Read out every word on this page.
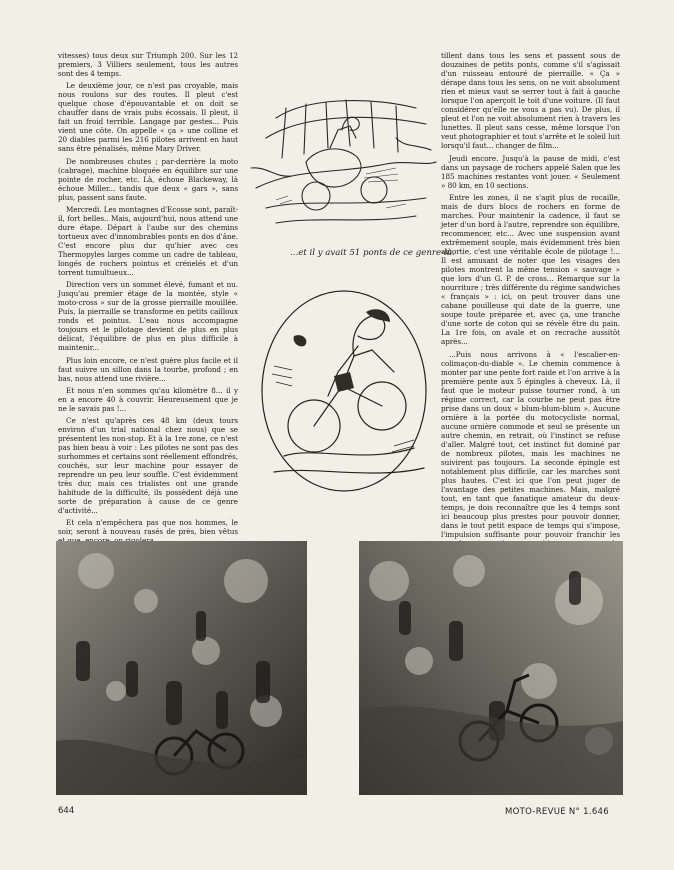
vitesses) tous deux sur Triumph 200. Sur les 12 premiers, 3 Villiers seulement, tous les autres sont des 4 temps.

Le deuxième jour, ce n'est pas croyable, mais nous roulons sur des routes. Il pleut c'est quelque chose d'épouvantable et on doit se chauffer dans de vrais pubs écossais. Il pleut, il fait un froid terrible. Langage par gestes... Puis vient une côte. On appelle « ça » une colline et 20 diables parmi les 216 pilotes arrivent en haut sans être pénalisés, même Mary Driver.

De nombreuses chutes ; par-derrière la moto (cabrage), machine bloquée en équilibre sur une pointe de rocher, etc. Là, échoue Blackeway, là échoue Miller... tandis que deux « gars », sans plus, passent sans faute.

Mercredi. Les montagnes d'Ecosse sont, paraît-il, fort belles.. Mais, aujourd'hui, nous attend une dure étape. Départ à l'aube sur des chemins tortueux avec d'innombrables ponts en dos d'âne. C'est encore plus dur qu'hier avec ces Thermopyles larges comme un cadre de tableau, longés de rochers pointus et crénelés et d'un torrent tumultueux...

Direction vers un sommet élevé, fumant et nu. Jusqu'au premier étage de la montée, style « moto-cross » sur de la grosse pierraille mouillée. Puis, la pierraille se transforme en petits cailloux ronds et pointus. L'eau nous accompagne toujours et le pilotage devient de plus en plus délicat, l'équilibre de plus en plus difficile à maintenir...

Plus loin encore, ce n'est guère plus facile et il faut suivre un sillon dans la tourbe, profond ; en bas, nous attend une rivière...

Et nous n'en sommes qu'au kilomètre 8... il y en a encore 40 à couvrir. Heureusement que je ne le savais pas !...

Ce n'est qu'après ces 48 km (deux tours environ d'un trial national chez nous) que se présentent les non-stop. Et à la 1re zone, ce n'est pas bien beau à voir : Les pilotes ne sont pas des surhommes et certains sont réellement effondrés, couchés, sur leur machine pour essayer de reprendre un peu leur souffle. C'est évidemment très dur, mais ces trialistes ont une grande habitude de la difficulté, ils possèdent déjà une sorte de préparation à cause de ce genre d'activité...

Et cela n'empêchera pas que nos hommes, le soir, seront à nouveau rasés de près, bien vêtus

...et il y avait 51 ponts de ce genre-là.

tillent dans tous les sens et passent sous de douzaines de petits ponts, comme s'il s'agissait d'un ruisseau entouré de pierraille. « Ça » dérape dans tous les sens, on ne voit absolument rien et mieux vaut se serrer tout à fait à gauche lorsque l'on aperçoit le toit d'une voiture. (Il faut considérer qu'elle ne vous a pas vu). De plus, il pleut et l'on ne voit absolument rien à travers les lunettes. Il pleut sans cesse, même lorsque l'on veut photographier et tout s'arrête et le soleil luit lorsqu'il faut... changer de film...

Jeudi encore. Jusqu'à la pause de midi, c'est dans un paysage de rochers appelé Salen que les 185 machines restantes vont jouer. « Seulement » 80 km, en 10 sections.

Entre les zones, il ne s'agit plus de rocaille, mais de durs blocs de rochers en forme de marches. Pour maintenir la cadence, il faut se jeter d'un bord à l'autre, reprendre son équilibre, recommencer, etc... Avec une suspension avant extrêmement souple, mais évidemment très bien amortie, c'est une véritable école de pilotage !... Il est amusant de noter que les visages des pilotes montrent la même tension « sauvage » que lors d'un G. P. de cross... Remarque sur la nourriture ; très différente du régime sandwiches « français » : ici, on peut trouver dans une cabane pouilleuse qui date de la guerre, une soupe toute préparée et, avec ça, une tranche d'une sorte de coton qui se révèle être du pain. La 1re fois, on avale et on recrache aussitôt après...

...Puis nous arrivons à « l'escalier-en-colimaçon-du-diable ». Le chemin commence à monter par une pente fort raide et l'on arrive à la première pente aux 5 épingles à cheveux. Là, il faut que le moteur puisse tourner rond, à un régime correct, car la courbe ne peut pas être prise dans un doux « blum-blum-blum ». Aucune ornière à la portée du motocycliste normal, aucune ornière commode et seul se présente un autre chemin, en retrait, où l'instinct se refuse d'aller. Malgré tout, cet instinct fut dominé par de nombreux pilotes, mais les machines ne suivirent pas toujours. La seconde épingle est notablement plus difficile, car les marches sont plus hautes. C'est ici que l'on peut juger de l'avantage des petites machines. Mais, malgré tout, en tant que fanatique amateur du deux-temps, je dois reconnaître que les 4 temps sont ici beaucoup plus prestes pour pouvoir donner, dans le tout petit espace de temps qui s'impose, l'impulsion suffisante pour pouvoir franchir les

644	MOTO-REVUE N° 1.646
